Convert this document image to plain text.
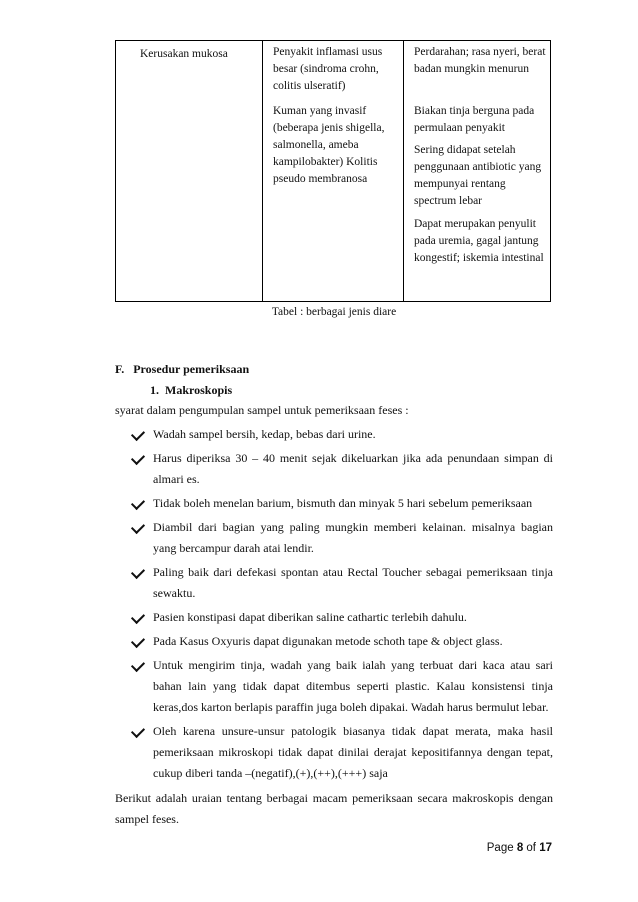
Kerusakan mukosa	Penyakit inflamasi usus besar (sindroma crohn, colitis ulseratif)
Kuman yang invasif (beberapa jenis shigella, salmonella, ameba kampilobakter) Kolitis pseudo membranosa
Perdarahan; rasa nyeri, berat badan mungkin menurun
Biakan tinja berguna pada permulaan penyakit
Sering didapat setelah penggunaan antibiotic yang mempunyai rentang spectrum lebar
Dapat merupakan penyulit pada uremia, gagal jantung kongestif; iskemia intestinal
Tabel : berbagai jenis diare
F.   Prosedur pemeriksaan
1.  Makroskopis
syarat dalam pengumpulan sampel untuk pemeriksaan feses :
Wadah sampel bersih, kedap, bebas dari urine.
Harus diperiksa 30 – 40 menit sejak dikeluarkan jika ada penundaan simpan di almari es.
Tidak boleh menelan barium, bismuth dan minyak 5 hari sebelum pemeriksaan
Diambil dari bagian yang paling mungkin memberi kelainan. misalnya bagian yang bercampur darah atai lendir.
Paling baik dari defekasi spontan atau Rectal Toucher sebagai pemeriksaan tinja sewaktu.
Pasien konstipasi dapat diberikan saline cathartic terlebih dahulu.
Pada Kasus Oxyuris dapat digunakan metode schoth tape & object glass.
Untuk mengirim tinja, wadah yang baik ialah yang terbuat dari kaca atau sari bahan lain yang tidak dapat ditembus seperti plastic. Kalau konsistensi tinja keras,dos karton berlapis paraffin juga boleh dipakai. Wadah harus bermulut lebar.
Oleh karena unsure-unsur patologik biasanya tidak dapat merata, maka hasil pemeriksaan mikroskopi tidak dapat dinilai derajat kepositifannya dengan tepat, cukup diberi tanda –(negatif),(+),(++),(+++) saja
Berikut adalah uraian tentang berbagai macam pemeriksaan secara makroskopis dengan sampel feses.
Page 8 of 17
